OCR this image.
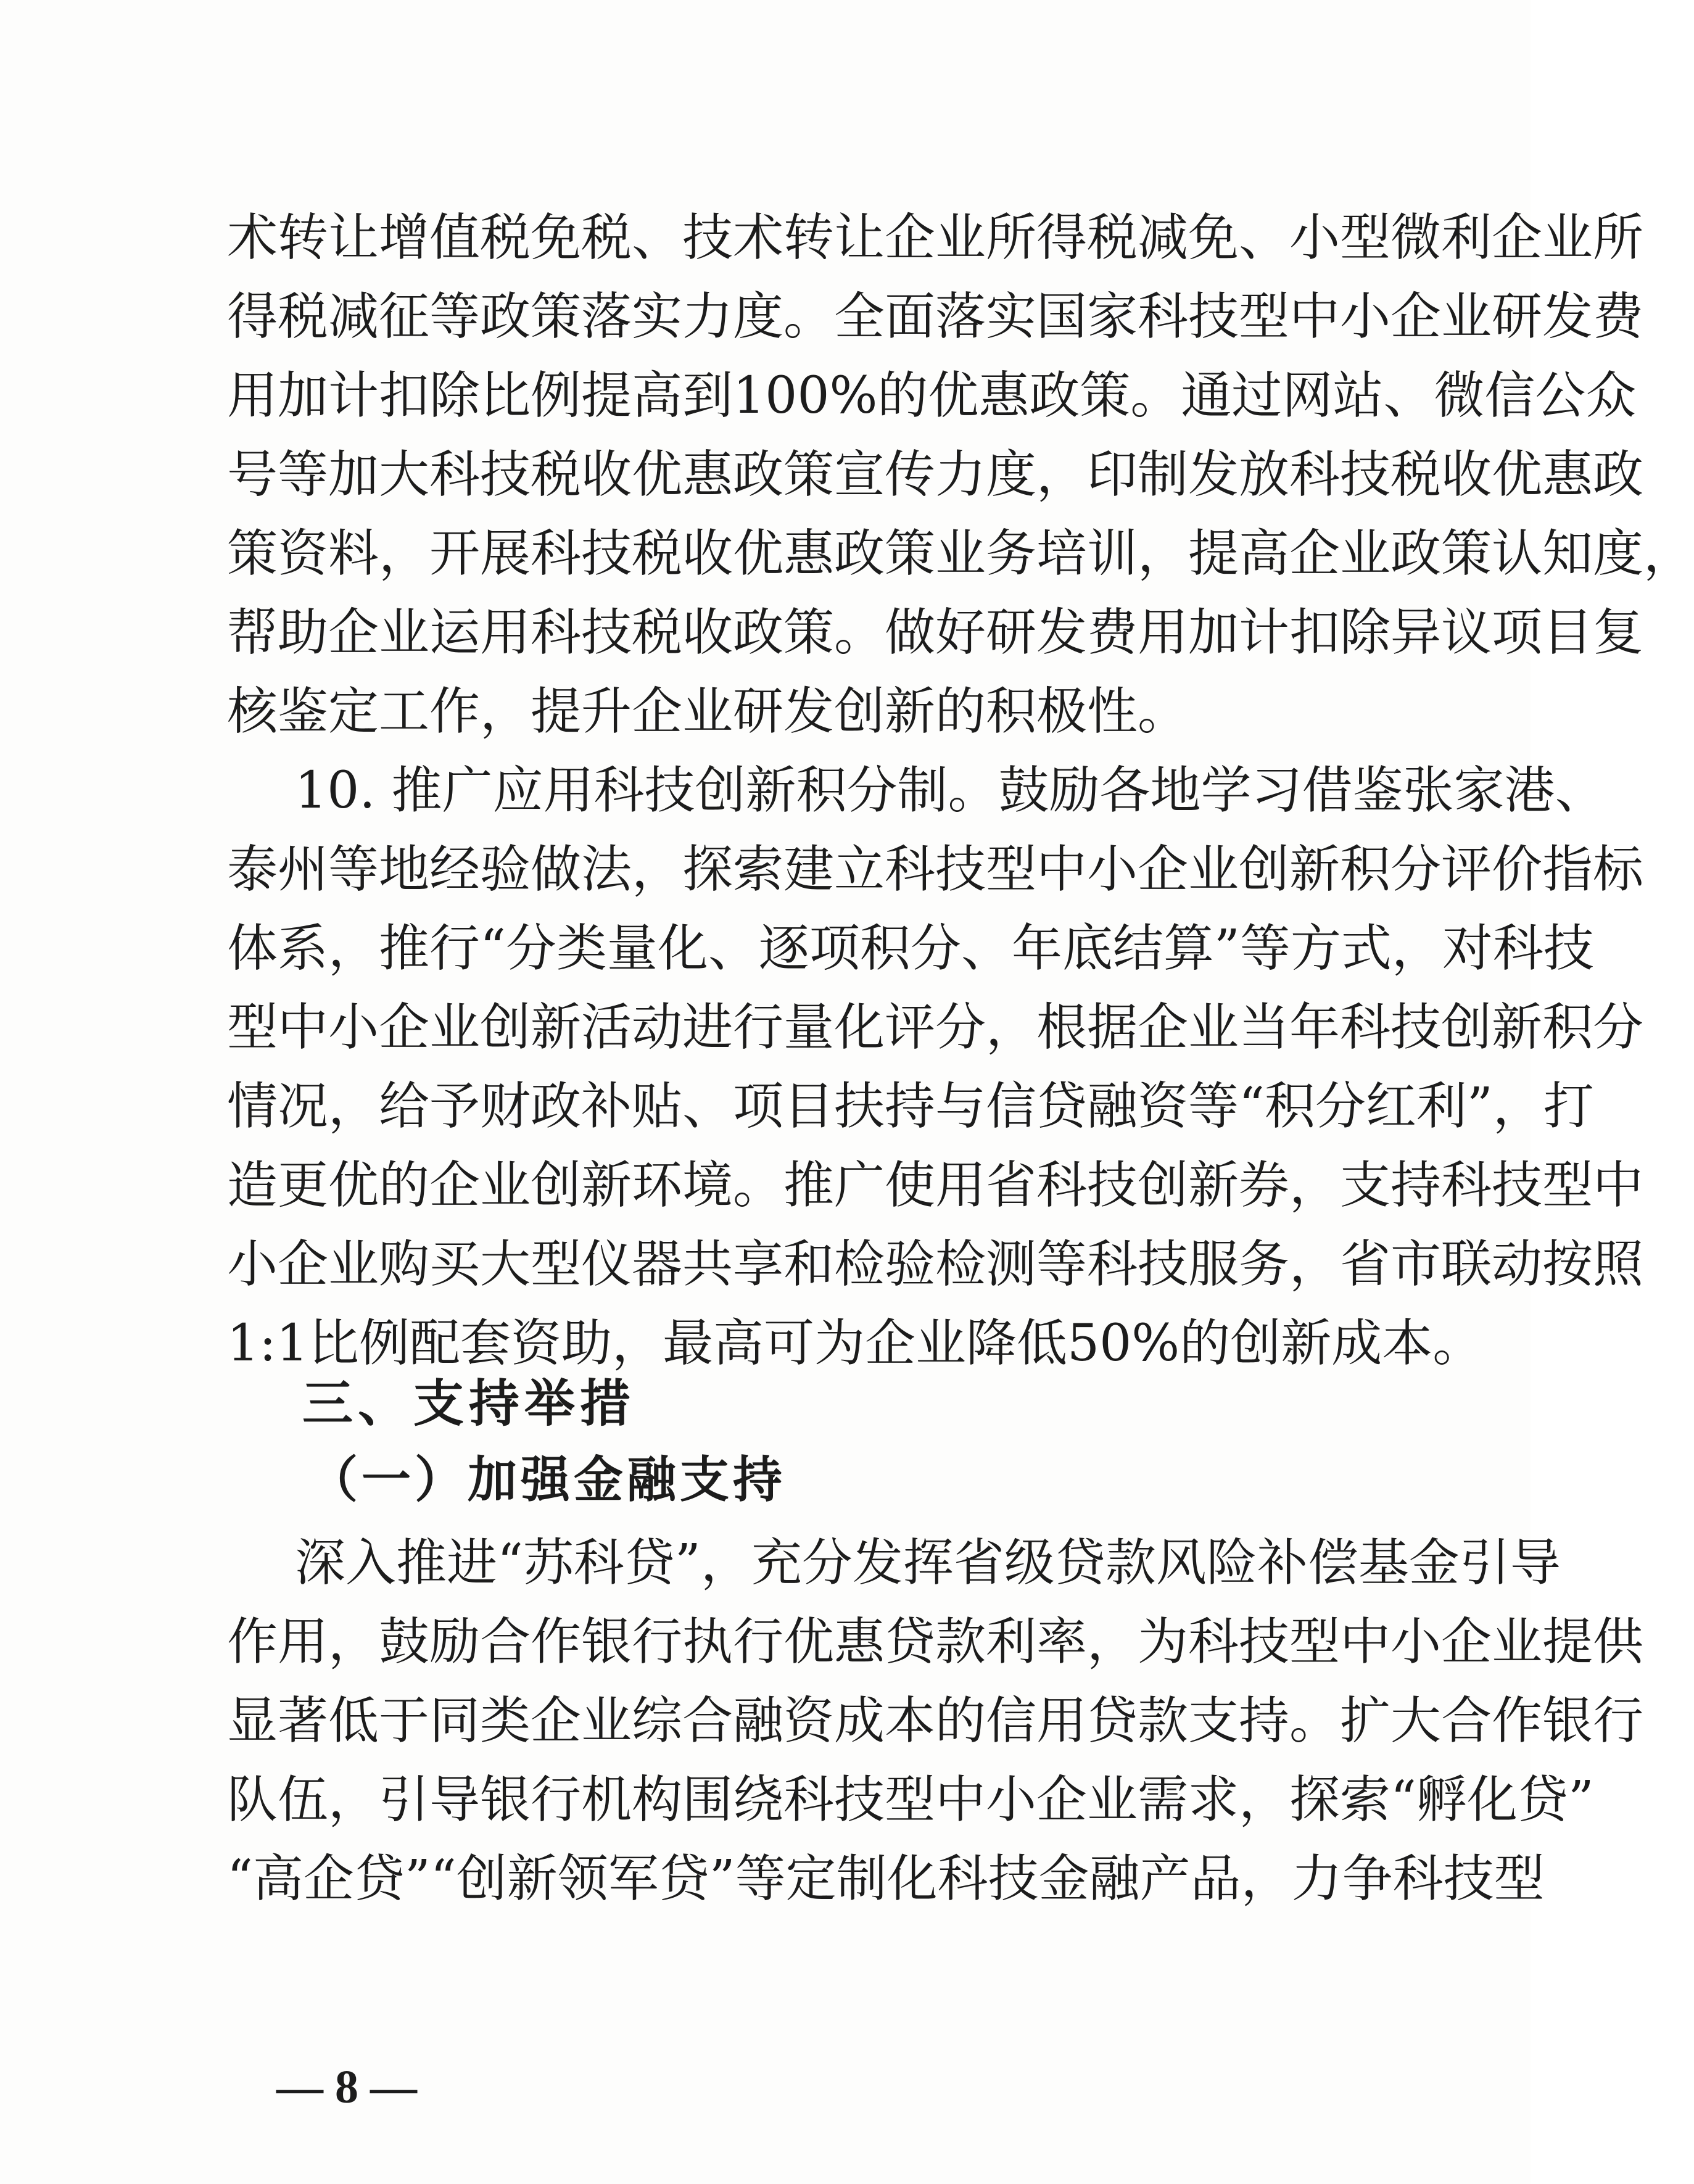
术转让增值税免税、技术转让企业所得税减免、小型微利企业所
得税减征等政策落实力度。全面落实国家科技型中小企业研发费
用加计扣除比例提高到100%的优惠政策。通过网站、微信公众
号等加大科技税收优惠政策宣传力度，印制发放科技税收优惠政
策资料，开展科技税收优惠政策业务培训，提高企业政策认知度，
帮助企业运用科技税收政策。做好研发费用加计扣除异议项目复
核鉴定工作，提升企业研发创新的积极性。
10. 推广应用科技创新积分制。鼓励各地学习借鉴张家港、
泰州等地经验做法，探索建立科技型中小企业创新积分评价指标
体系，推行“分类量化、逐项积分、年底结算”等方式，对科技
型中小企业创新活动进行量化评分，根据企业当年科技创新积分
情况，给予财政补贴、项目扶持与信贷融资等“积分红利”，打
造更优的企业创新环境。推广使用省科技创新券，支持科技型中
小企业购买大型仪器共享和检验检测等科技服务，省市联动按照
1:1比例配套资助，最高可为企业降低50%的创新成本。
三、支持举措
（一）加强金融支持
深入推进“苏科贷”，充分发挥省级贷款风险补偿基金引导
作用，鼓励合作银行执行优惠贷款利率，为科技型中小企业提供
显著低于同类企业综合融资成本的信用贷款支持。扩大合作银行
队伍，引导银行机构围绕科技型中小企业需求，探索“孵化贷”
“高企贷”“创新领军贷”等定制化科技金融产品，力争科技型
— 8 —
